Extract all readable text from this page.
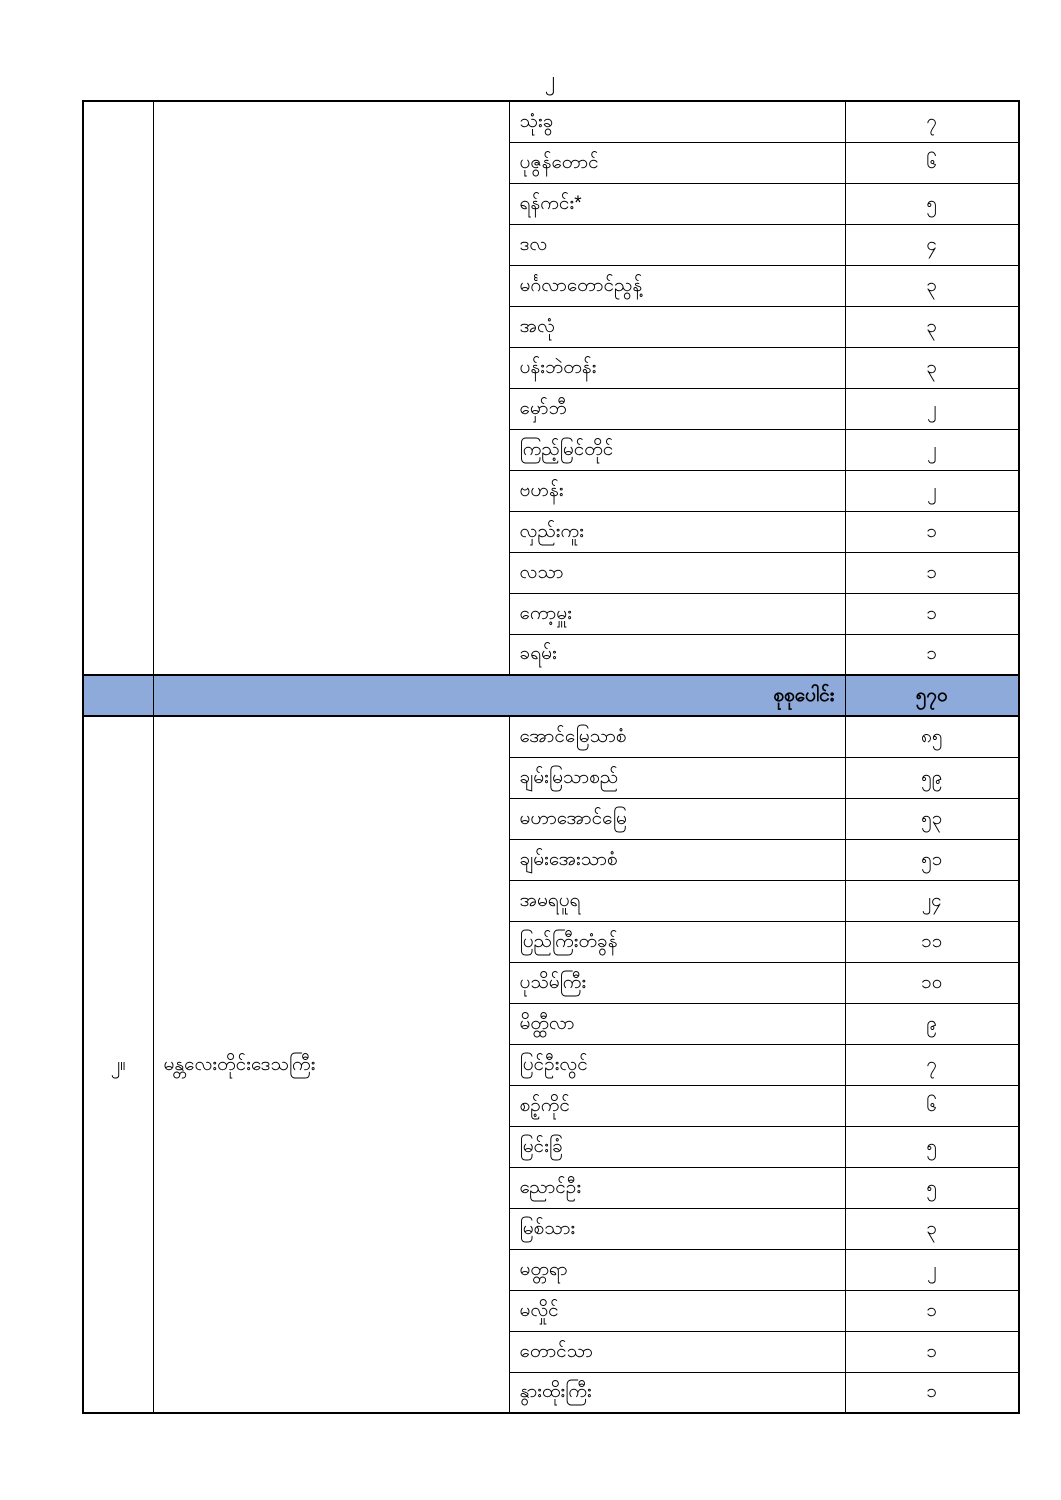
၂
		သုံးခွ	၇
		ပုဇွန်တောင်	၆
		ရန်ကင်း*	၅
		ဒလ	၄
		မင်္ဂလာတောင်ညွန့်	၃
		အလုံ	၃
		ပန်းဘဲတန်း	၃
		မှော်ဘီ	၂
		ကြည့်မြင်တိုင်	၂
		ဗဟန်း	၂
		လှည်းကူး	၁
		လသာ	၁
		ကော့မှူး	၁
		ခရမ်း	၁
	စုစုပေါင်း		၅၇၀
၂။	မန္တလေးတိုင်းဒေသကြီး	အောင်မြေသာစံ	၈၅
		ချမ်းမြသာစည်	၅၉
		မဟာအောင်မြေ	၅၃
		ချမ်းအေးသာစံ	၅၁
		အမရပူရ	၂၄
		ပြည်ကြီးတံခွန်	၁၁
		ပုသိမ်ကြီး	၁၀
		မိတ္ထီလာ	၉
		ပြင်ဦးလွင်	၇
		စဉ့်ကိုင်	၆
		မြင်းခြံ	၅
		ညောင်ဦး	၅
		မြစ်သား	၃
		မတ္တရာ	၂
		မလှိုင်	၁
		တောင်သာ	၁
		နွားထိုးကြီး	၁
